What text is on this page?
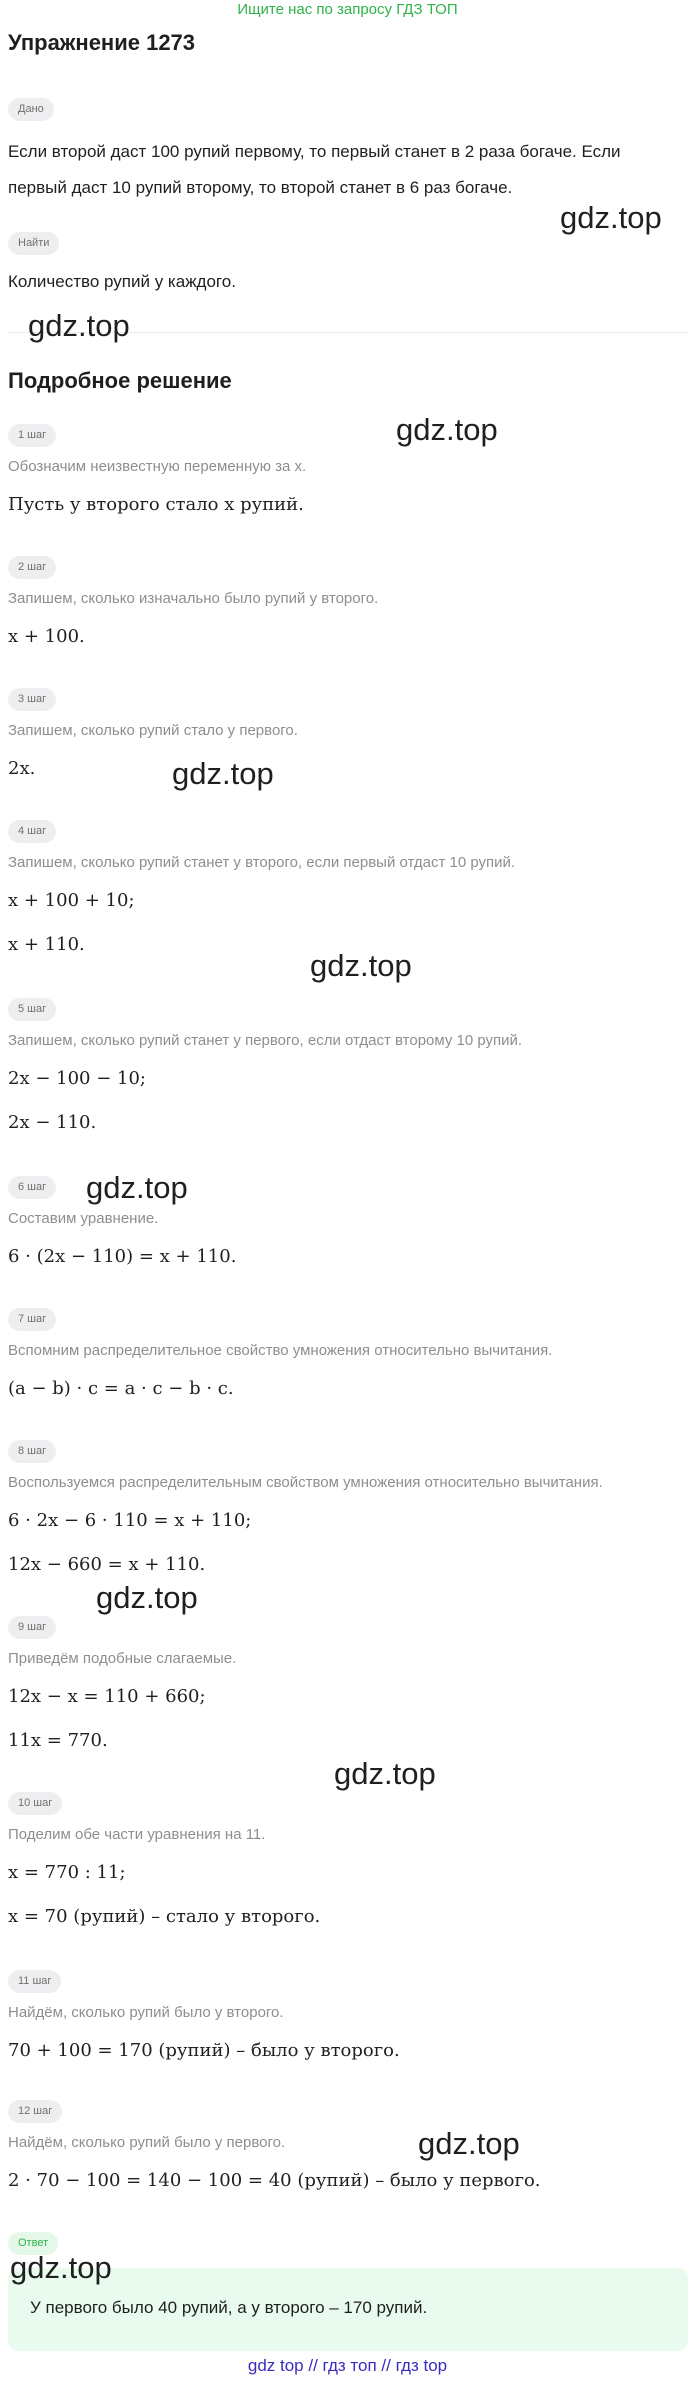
Ищите нас по запросу ГДЗ ТОП
Упражнение 1273
Дано
Если второй даст 100 рупий первому, то первый станет в 2 раза богаче. Если
первый даст 10 рупий второму, то второй станет в 6 раз богаче.
Найти
Количество рупий у каждого.
Подробное решение
1 шаг
Обозначим неизвестную переменную за x.
Пусть у второго стало x рупий.
2 шаг
Запишем, сколько изначально было рупий у второго.
x + 100.
3 шаг
Запишем, сколько рупий стало у первого.
2x.
4 шаг
Запишем, сколько рупий станет у второго, если первый отдаст 10 рупий.
x + 100 + 10;
x + 110.
5 шаг
Запишем, сколько рупий станет у первого, если отдаст второму 10 рупий.
2x − 100 − 10;
2x − 110.
6 шаг
Составим уравнение.
6 · (2x − 110) = x + 110.
7 шаг
Вспомним распределительное свойство умножения относительно вычитания.
(a − b) · c = a · c − b · c.
8 шаг
Воспользуемся распределительным свойством умножения относительно вычитания.
6 · 2x − 6 · 110 = x + 110;
12x − 660 = x + 110.
9 шаг
Приведём подобные слагаемые.
12x − x = 110 + 660;
11x = 770.
10 шаг
Поделим обе части уравнения на 11.
x = 770 : 11;
x = 70 (рупий) – стало у второго.
11 шаг
Найдём, сколько рупий было у второго.
70 + 100 = 170 (рупий) – было у второго.
12 шаг
Найдём, сколько рупий было у первого.
2 · 70 − 100 = 140 − 100 = 40 (рупий) – было у первого.
Ответ
У первого было 40 рупий, а у второго – 170 рупий.
gdz.top
gdz.top
gdz.top
gdz.top
gdz.top
gdz.top
gdz.top
gdz.top
gdz.top
gdz.top
gdz top // гдз топ // гдз top
